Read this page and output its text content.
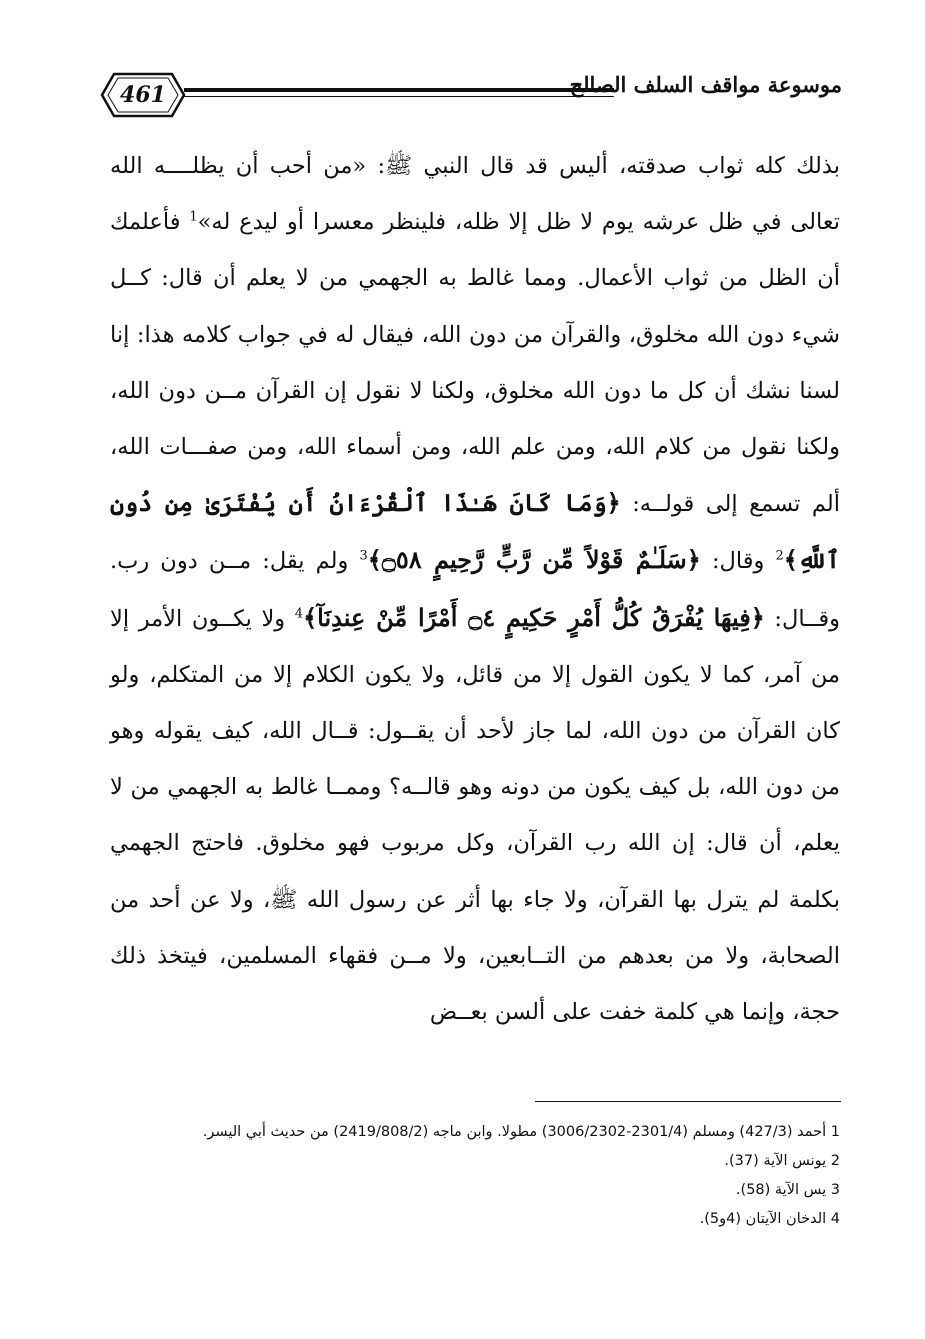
461	موسوعة مواقف السلف الصالح

بذلك كله ثواب صدقته، أليس قد قال النبي ﷺ: «من أحب أن يظلــــه الله تعالى في ظل عرشه يوم لا ظل إلا ظله، فلينظر معسرا أو ليدع له»$^1$ فأعلمك أن الظل من ثواب الأعمال. ومما غالط به الجهمي من لا يعلم أن قال: كــل شيء دون الله مخلوق، والقرآن من دون الله، فيقال له في جواب كلامه هذا: إنا لسنا نشك أن كل ما دون الله مخلوق، ولكنا لا نقول إن القرآن مــن دون الله، ولكنا نقول من كلام الله، ومن علم الله، ومن أسماء الله، ومن صفـــات الله، ألم تسمع إلى قولــه: ﴿وَمَا كَانَ هَـٰذَا ٱلْقُرْءَانُ أَن يُفْتَرَىٰ مِن دُونِ ٱللَّهِ﴾$^2$ وقال: ﴿سَلَـٰمٌ قَوْلاً مِّن رَّبٍّ رَّحِيمٍ ۝٥٨﴾$^3$ ولم يقل: مــن دون رب. وقــال: ﴿فِيهَا يُفْرَقُ كُلُّ أَمْرٍ حَكِيمٍ ۝٤ أَمْرًا مِّنْ عِندِنَآ﴾$^4$ ولا يكــون الأمر إلا من آمر، كما لا يكون القول إلا من قائل، ولا يكون الكلام إلا من المتكلم، ولو كان القرآن من دون الله، لما جاز لأحد أن يقــول: قــال الله، كيف يقوله وهو من دون الله، بل كيف يكون من دونه وهو قالــه؟ وممــا غالط به الجهمي من لا يعلم، أن قال: إن الله رب القرآن، وكل مربوب فهو مخلوق. فاحتج الجهمي بكلمة لم يترل بها القرآن، ولا جاء بها أثر عن رسول الله ﷺ، ولا عن أحد من الصحابة، ولا من بعدهم من التــابعين، ولا مــن فقهاء المسلمين، فيتخذ ذلك حجة، وإنما هي كلمة خفت على ألسن بعــض

1 أحمد (427/3) ومسلم (2301/4-3006/2302) مطولا. وابن ماجه (2419/808/2) من حديث أبي اليسر.

2 يونس الآية (37).

3 يس الآية (58).

4 الدخان الآيتان (4و5).
